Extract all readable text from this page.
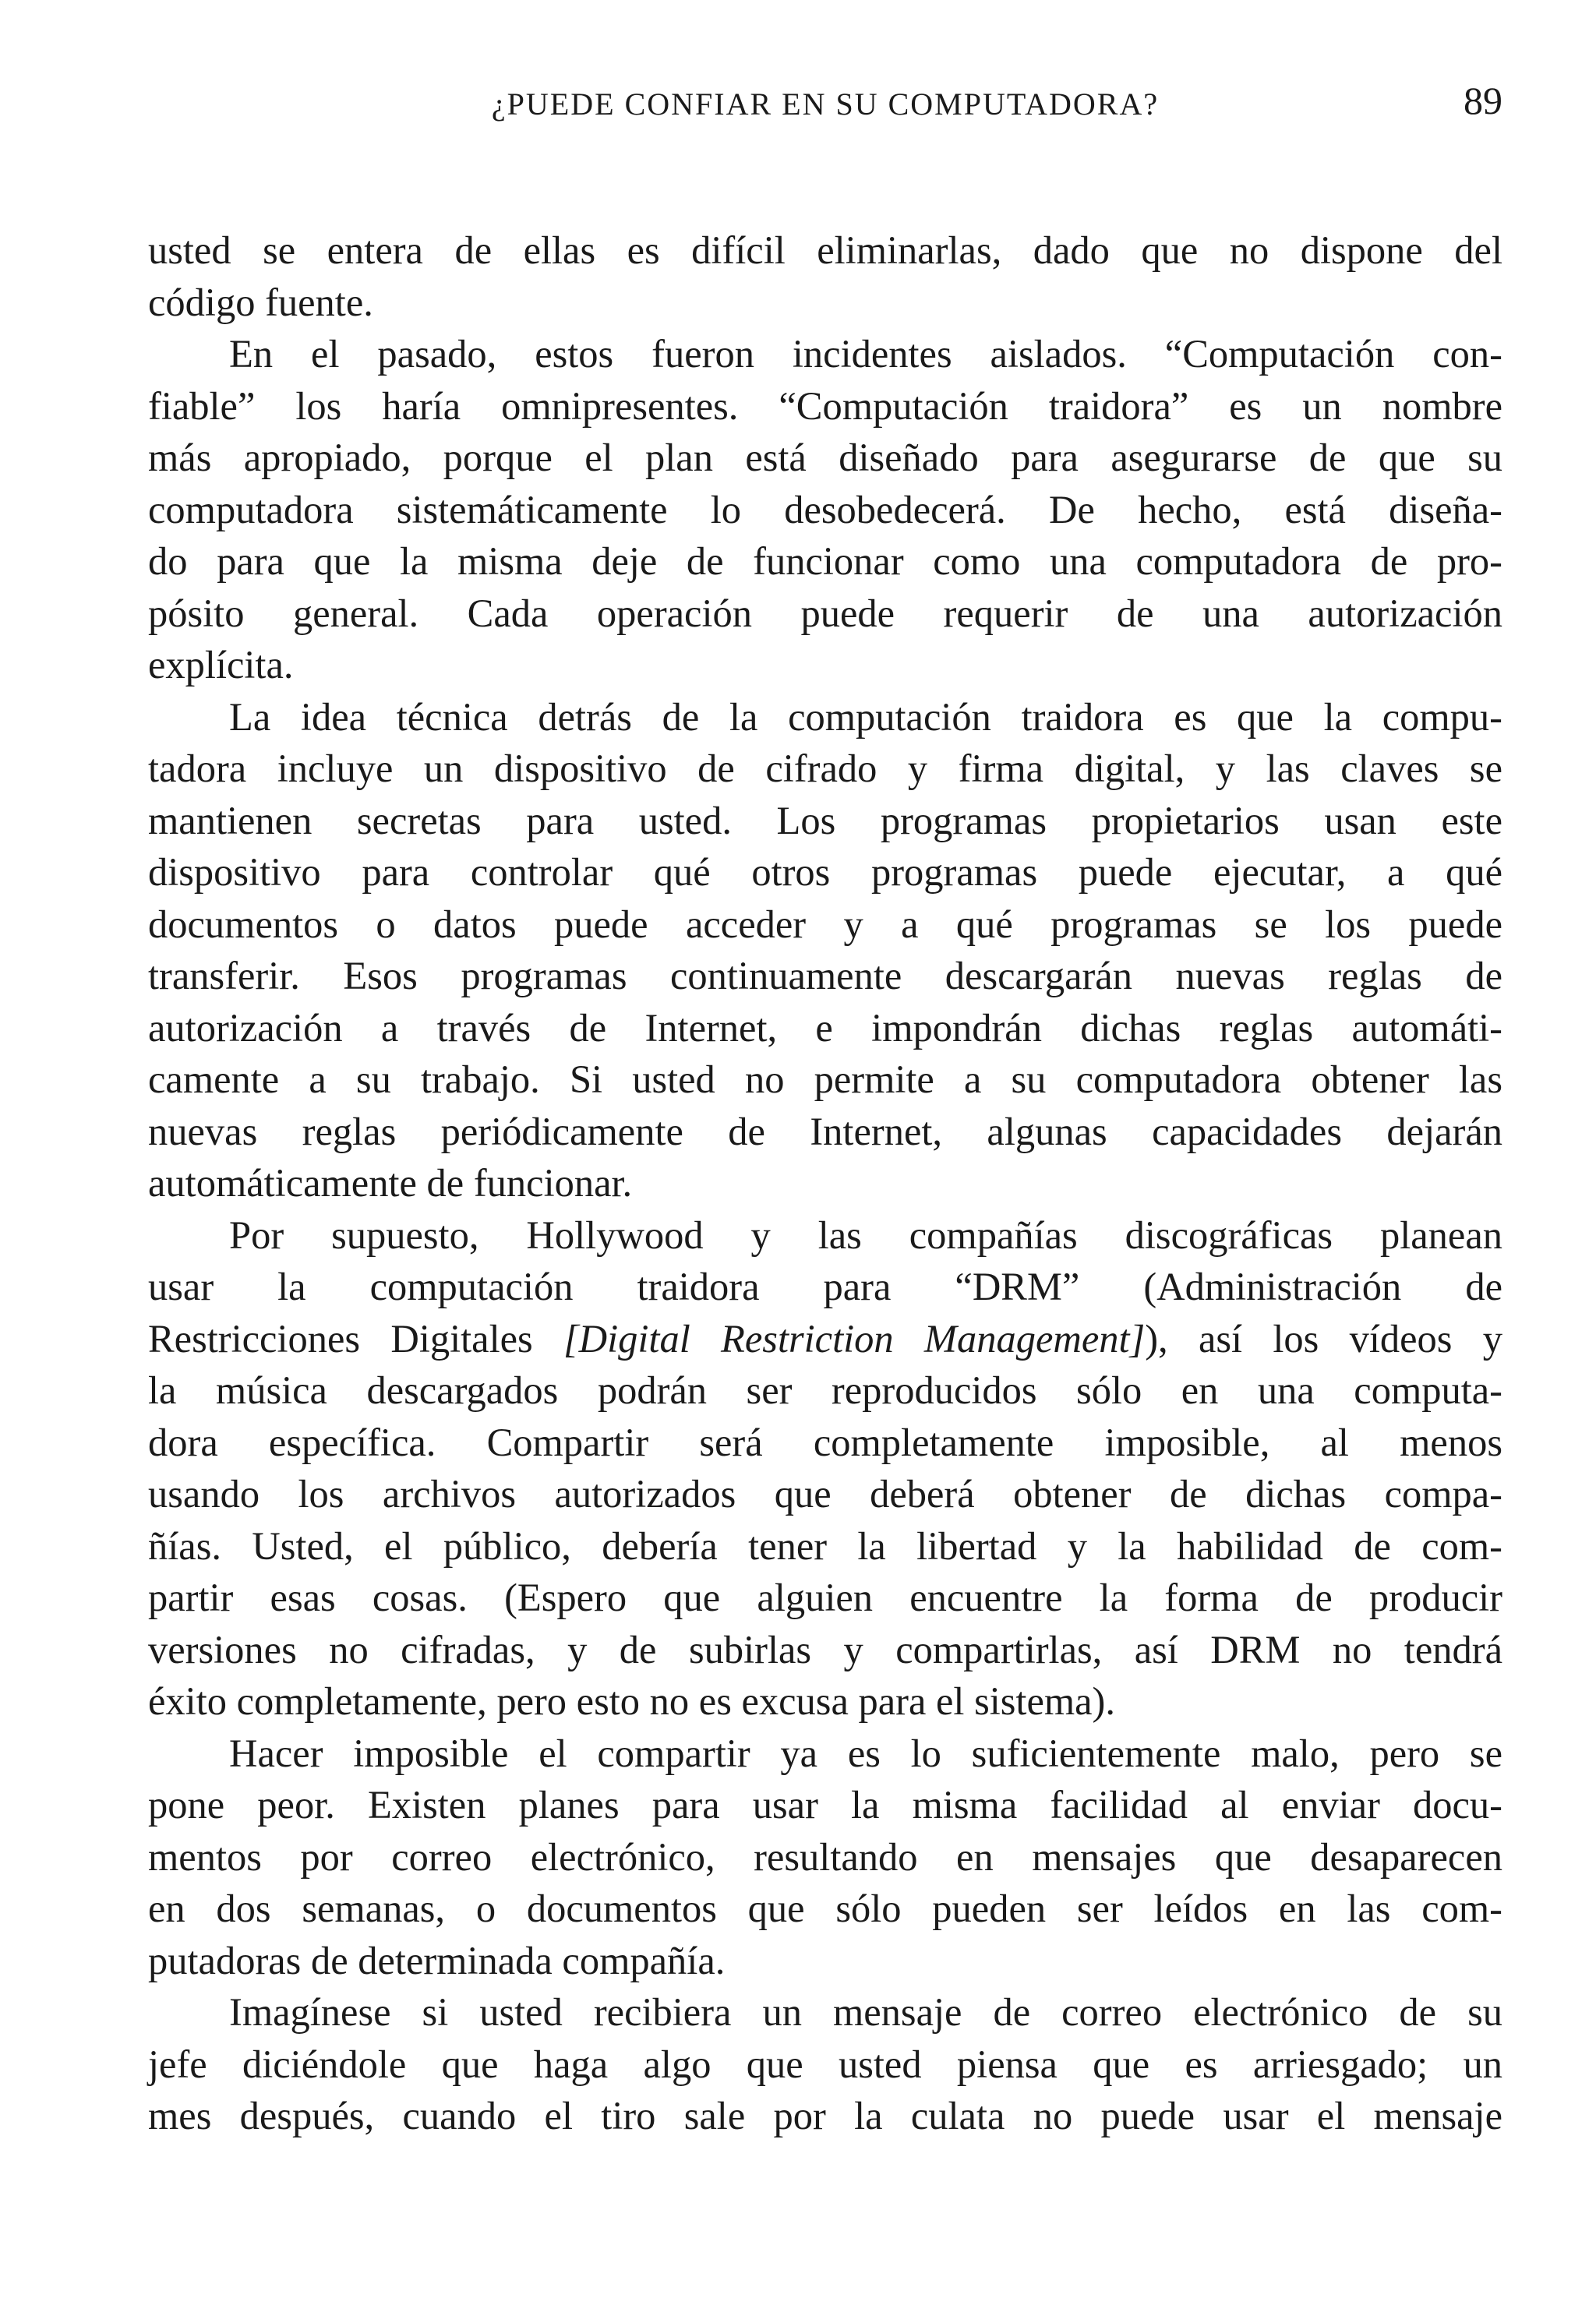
¿PUEDE CONFIAR EN SU COMPUTADORA?	89
usted se entera de ellas es difícil eliminarlas, dado que no dispone del
código fuente.
En el pasado, estos fueron incidentes aislados. “Computación con-
fiable” los haría omnipresentes. “Computación traidora” es un nombre
más apropiado, porque el plan está diseñado para asegurarse de que su
computadora sistemáticamente lo desobedecerá. De hecho, está diseña-
do para que la misma deje de funcionar como una computadora de pro-
pósito general. Cada operación puede requerir de una autorización
explícita.
La idea técnica detrás de la computación traidora es que la compu-
tadora incluye un dispositivo de cifrado y firma digital, y las claves se
mantienen secretas para usted. Los programas propietarios usan este
dispositivo para controlar qué otros programas puede ejecutar, a qué
documentos o datos puede acceder y a qué programas se los puede
transferir. Esos programas continuamente descargarán nuevas reglas de
autorización a través de Internet, e impondrán dichas reglas automáti-
camente a su trabajo. Si usted no permite a su computadora obtener las
nuevas reglas periódicamente de Internet, algunas capacidades dejarán
automáticamente de funcionar.
Por supuesto, Hollywood y las compañías discográficas planean
usar la computación traidora para “DRM” (Administración de
Restricciones Digitales [Digital Restriction Management]), así los vídeos y
la música descargados podrán ser reproducidos sólo en una computa-
dora específica. Compartir será completamente imposible, al menos
usando los archivos autorizados que deberá obtener de dichas compa-
ñías. Usted, el público, debería tener la libertad y la habilidad de com-
partir esas cosas. (Espero que alguien encuentre la forma de producir
versiones no cifradas, y de subirlas y compartirlas, así DRM no tendrá
éxito completamente, pero esto no es excusa para el sistema).
Hacer imposible el compartir ya es lo suficientemente malo, pero se
pone peor. Existen planes para usar la misma facilidad al enviar docu-
mentos por correo electrónico, resultando en mensajes que desaparecen
en dos semanas, o documentos que sólo pueden ser leídos en las com-
putadoras de determinada compañía.
Imagínese si usted recibiera un mensaje de correo electrónico de su
jefe diciéndole que haga algo que usted piensa que es arriesgado; un
mes después, cuando el tiro sale por la culata no puede usar el mensaje
